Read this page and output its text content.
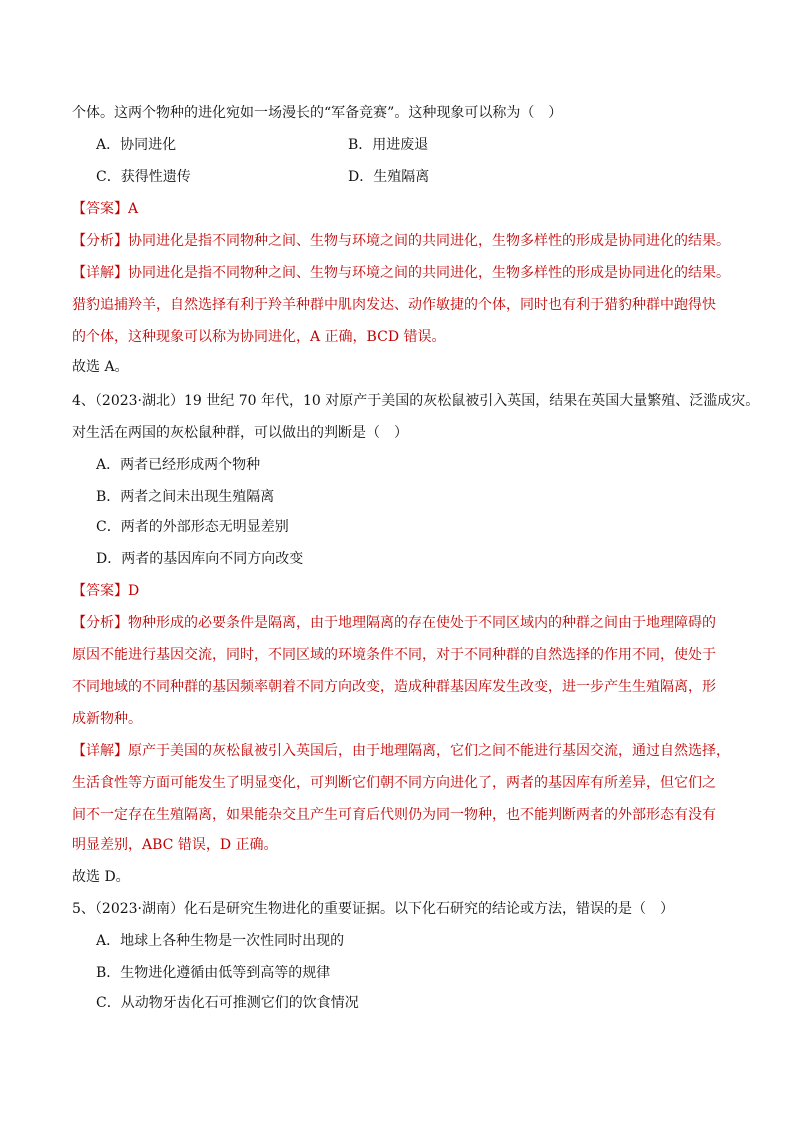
个体。这两个物种的进化宛如一场漫长的“军备竞赛”。这种现象可以称为（　）
A．协同进化	B．用进废退
C．获得性遗传	D．生殖隔离
【答案】A
【分析】协同进化是指不同物种之间、生物与环境之间的共同进化，生物多样性的形成是协同进化的结果。
【详解】协同进化是指不同物种之间、生物与环境之间的共同进化，生物多样性的形成是协同进化的结果。
猎豹追捕羚羊，自然选择有利于羚羊种群中肌肉发达、动作敏捷的个体，同时也有利于猎豹种群中跑得快
的个体，这种现象可以称为协同进化，A 正确，BCD 错误。
故选 A。
4、（2023·湖北）19 世纪 70 年代，10 对原产于美国的灰松鼠被引入英国，结果在英国大量繁殖、泛滥成灾。
对生活在两国的灰松鼠种群，可以做出的判断是（　）
A．两者已经形成两个物种
B．两者之间未出现生殖隔离
C．两者的外部形态无明显差别
D．两者的基因库向不同方向改变
【答案】D
【分析】物种形成的必要条件是隔离，由于地理隔离的存在使处于不同区域内的种群之间由于地理障碍的
原因不能进行基因交流，同时，不同区域的环境条件不同，对于不同种群的自然选择的作用不同，使处于
不同地域的不同种群的基因频率朝着不同方向改变，造成种群基因库发生改变，进一步产生生殖隔离，形
成新物种。
【详解】原产于美国的灰松鼠被引入英国后，由于地理隔离，它们之间不能进行基因交流，通过自然选择，
生活食性等方面可能发生了明显变化，可判断它们朝不同方向进化了，两者的基因库有所差异，但它们之
间不一定存在生殖隔离，如果能杂交且产生可育后代则仍为同一物种，也不能判断两者的外部形态有没有
明显差别，ABC 错误，D 正确。
故选 D。
5、（2023·湖南）化石是研究生物进化的重要证据。以下化石研究的结论或方法，错误的是（　）
A．地球上各种生物是一次性同时出现的
B．生物进化遵循由低等到高等的规律
C．从动物牙齿化石可推测它们的饮食情况
